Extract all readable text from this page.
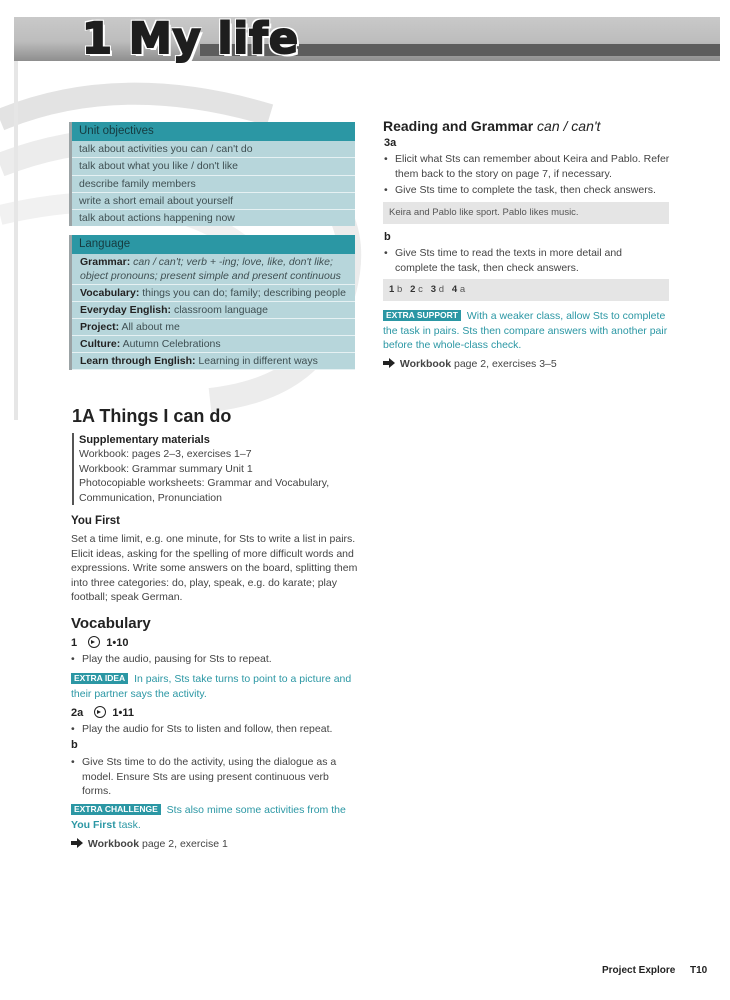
1 My life
Unit objectives
talk about activities you can / can't do
talk about what you like / don't like
describe family members
write a short email about yourself
talk about actions happening now
Language
Grammar: can / can't; verb + -ing; love, like, don't like; object pronouns; present simple and present continuous
Vocabulary: things you can do; family; describing people
Everyday English: classroom language
Project: All about me
Culture: Autumn Celebrations
Learn through English: Learning in different ways
1A Things I can do
Supplementary materials
Workbook: pages 2–3, exercises 1–7
Workbook: Grammar summary Unit 1
Photocopiable worksheets: Grammar and Vocabulary, Communication, Pronunciation
You First
Set a time limit, e.g. one minute, for Sts to write a list in pairs. Elicit ideas, asking for the spelling of more difficult words and expressions. Write some answers on the board, splitting them into three categories: do, play, speak, e.g. do karate; play football; speak German.
Vocabulary
1	1•10
• Play the audio, pausing for Sts to repeat.
EXTRA IDEA In pairs, Sts take turns to point to a picture and their partner says the activity.
2a	1•11
• Play the audio for Sts to listen and follow, then repeat.
b
• Give Sts time to do the activity, using the dialogue as a model. Ensure Sts are using present continuous verb forms.
EXTRA CHALLENGE Sts also mime some activities from the You First task.
Workbook page 2, exercise 1
Reading and Grammar can / can't
3a
• Elicit what Sts can remember about Keira and Pablo. Refer them back to the story on page 7, if necessary.
• Give Sts time to complete the task, then check answers.
Keira and Pablo like sport. Pablo likes music.
b
• Give Sts time to read the texts in more detail and complete the task, then check answers.
1 b 2 c 3 d 4 a
EXTRA SUPPORT With a weaker class, allow Sts to complete the task in pairs. Sts then compare answers with another pair before the whole-class check.
Workbook page 2, exercises 3–5
Project Explore T10
